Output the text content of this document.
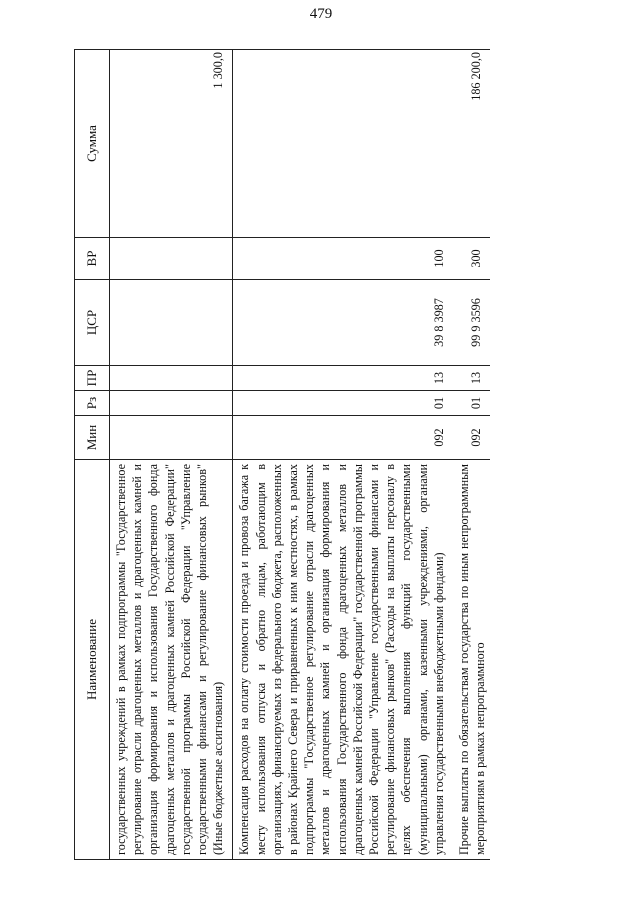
479
Наименование	Мин	Рз	ПР	ЦСР	ВР	Сумма
государственных учреждений в рамках подпрограммы "Государственное регулирование отрасли драгоценных металлов и драгоценных камней и организация формирования и использования Государственного фонда драгоценных металлов и драгоценных камней Российской Федерации" государственной программы Российской Федерации "Управление государственными финансами и регулирование финансовых рынков" (Иные бюджетные ассигнования)						1 300,0
Компенсация расходов на оплату стоимости проезда и провоза багажа к месту использования отпуска и обратно лицам, работающим в организациях, финансируемых из федерального бюджета, расположенных в районах Крайнего Севера и приравненных к ним местностях, в рамках подпрограммы "Государственное регулирование отрасли драгоценных металлов и драгоценных камней и организация формирования и использования Государственного фонда драгоценных металлов и драгоценных камней Российской Федерации" государственной программы Российской Федерации "Управление государственными финансами и регулирование финансовых рынков" (Расходы на выплаты персоналу в целях обеспечения выполнения функций государственными (муниципальными) органами, казенными учреждениями, органами управления государственными внебюджетными фондами)	092	01	13	39 8 3987	100	
Прочие выплаты по обязательствам государства по иным непрограммным мероприятиям в рамках непрограммного	092	01	13	99 9 3596	300	186 200,0
